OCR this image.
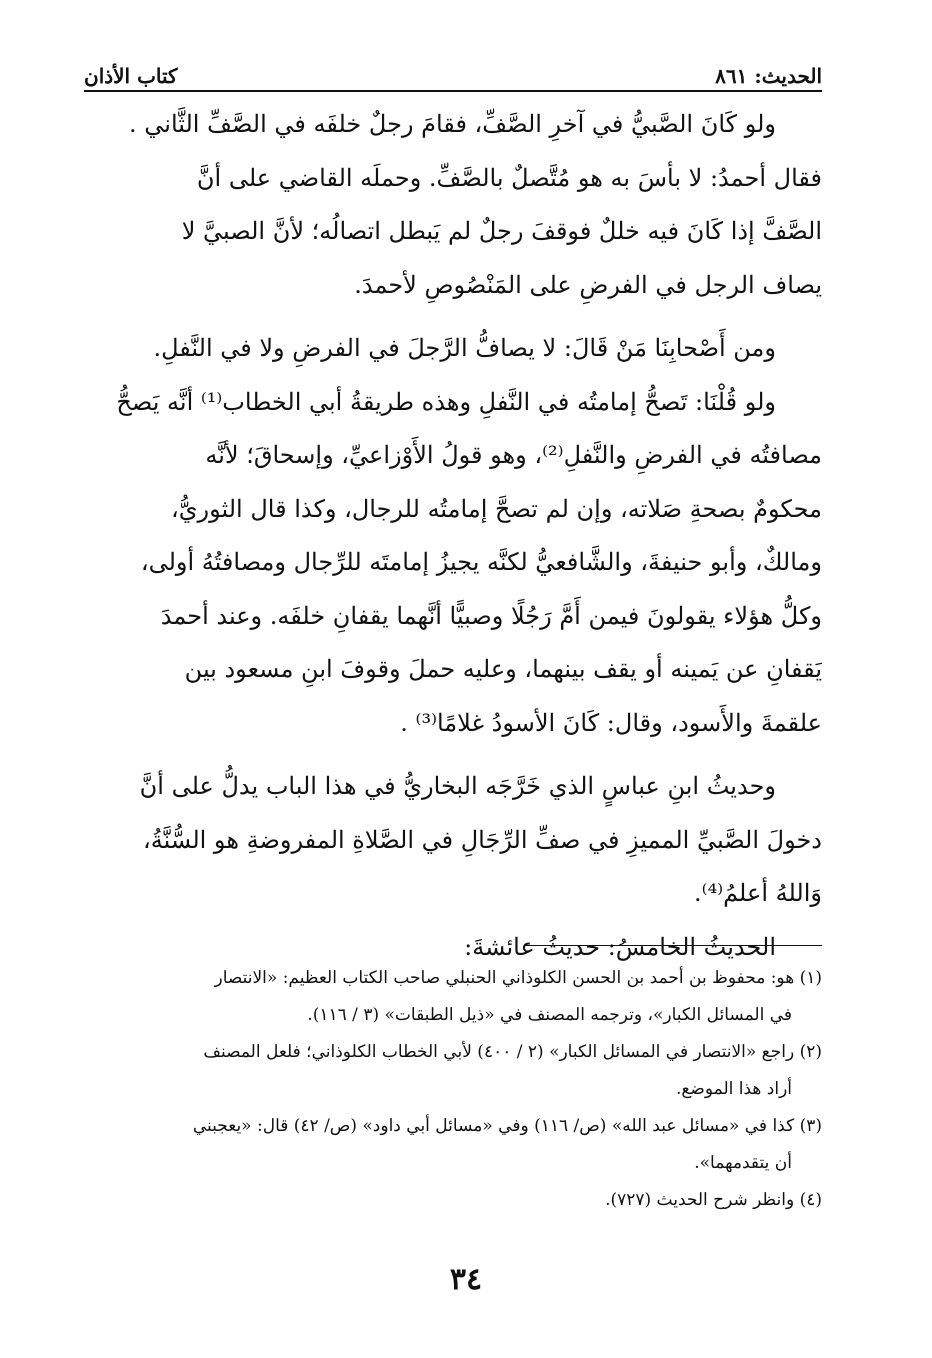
الحديث: ٨٦١
كتاب الأذان
ولو كَانَ الصَّبيُّ في آخرِ الصَّفِّ، فقامَ رجلٌ خلفَه في الصَّفِّ الثَّاني .
فقال أحمدُ: لا بأسَ به هو مُتَّصلٌ بالصَّفِّ. وحملَه القاضي على أنَّ
الصَّفَّ إذا كَانَ فيه خللٌ فوقفَ رجلٌ لم يَبطل اتصالُه؛ لأنَّ الصبيَّ لا
يصاف الرجل في الفرضِ على المَنْصُوصِ لأحمدَ.
ومن أَصْحابِنَا مَنْ قَالَ: لا يصافُّ الرَّجلَ في الفرضِ ولا في النَّفلِ.
ولو قُلْنَا: تَصحُّ إمامتُه في النَّفلِ وهذه طريقةُ أبي الخطاب⁽¹⁾ أنَّه يَصحُّ
مصافتُه في الفرضِ والنَّفلِ⁽²⁾، وهو قولُ الأَوْزاعيِّ، وإسحاقَ؛ لأنَّه
محكومٌ بصحةِ صَلاته، وإن لم تصحَّ إمامتُه للرجال، وكذا قال الثوريُّ،
ومالكٌ، وأبو حنيفةَ، والشَّافعيُّ لكنَّه يجيزُ إمامتَه للرِّجال ومصافتُهُ أولى،
وكلُّ هؤلاء يقولونَ فيمن أَمَّ رَجُلًا وصبيًّا أنَّهما يقفانِ خلفَه. وعند أحمدَ
يَقفانِ عن يَمينه أو يقف بينهما، وعليه حملَ وقوفَ ابنِ مسعود بين
علقمةَ والأَسود، وقال: كَانَ الأسودُ غلامًا⁽³⁾ .
وحديثُ ابنِ عباسٍ الذي خَرَّجَه البخاريُّ في هذا الباب يدلُّ على أنَّ
دخولَ الصَّبيِّ المميزِ في صفِّ الرِّجَالِ في الصَّلاةِ المفروضةِ هو السُّنَّةُ،
وَاللهُ أعلمُ⁽⁴⁾.
الحديثُ الخامسُ: حديثُ عائشةَ:
(١) هو: محفوظ بن أحمد بن الحسن الكلوذاني الحنبلي صاحب الكتاب العظيم: «الانتصار
في المسائل الكبار»، وترجمه المصنف في «ذيل الطبقات» (٣ / ١١٦).
(٢) راجع «الانتصار في المسائل الكبار» (٢ / ٤٠٠) لأبي الخطاب الكلوذاني؛ فلعل المصنف
أراد هذا الموضع.
(٣) كذا في «مسائل عبد الله» (ص/ ١١٦) وفي «مسائل أبي داود» (ص/ ٤٢) قال: «يعجبني
أن يتقدمهما».
(٤) وانظر شرح الحديث (٧٢٧).
٣٤
